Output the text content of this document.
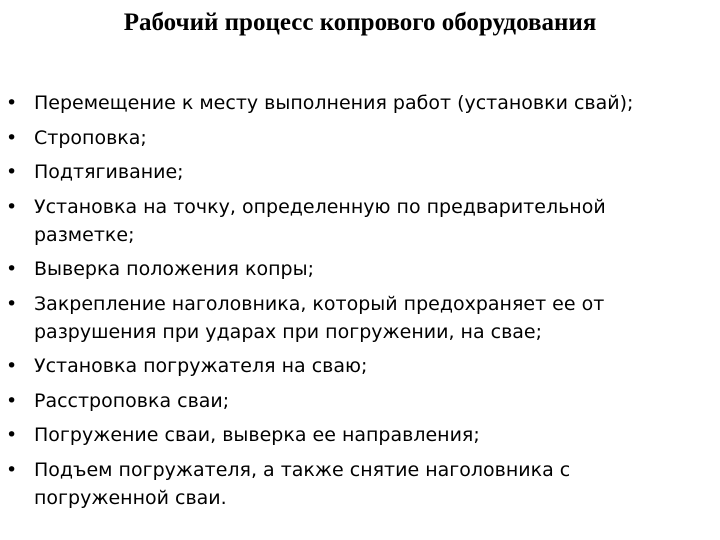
Рабочий процесс копрового оборудования
• Перемещение к месту выполнения работ (установки свай);
• Строповка;
• Подтягивание;
• Установка на точку, определенную по предварительной разметке;
• Выверка положения копры;
• Закрепление наголовника, который предохраняет ее от разрушения при ударах при погружении, на свае;
• Установка погружателя на сваю;
• Расстроповка сваи;
• Погружение сваи, выверка ее направления;
• Подъем погружателя, а также снятие наголовника с погруженной сваи.
